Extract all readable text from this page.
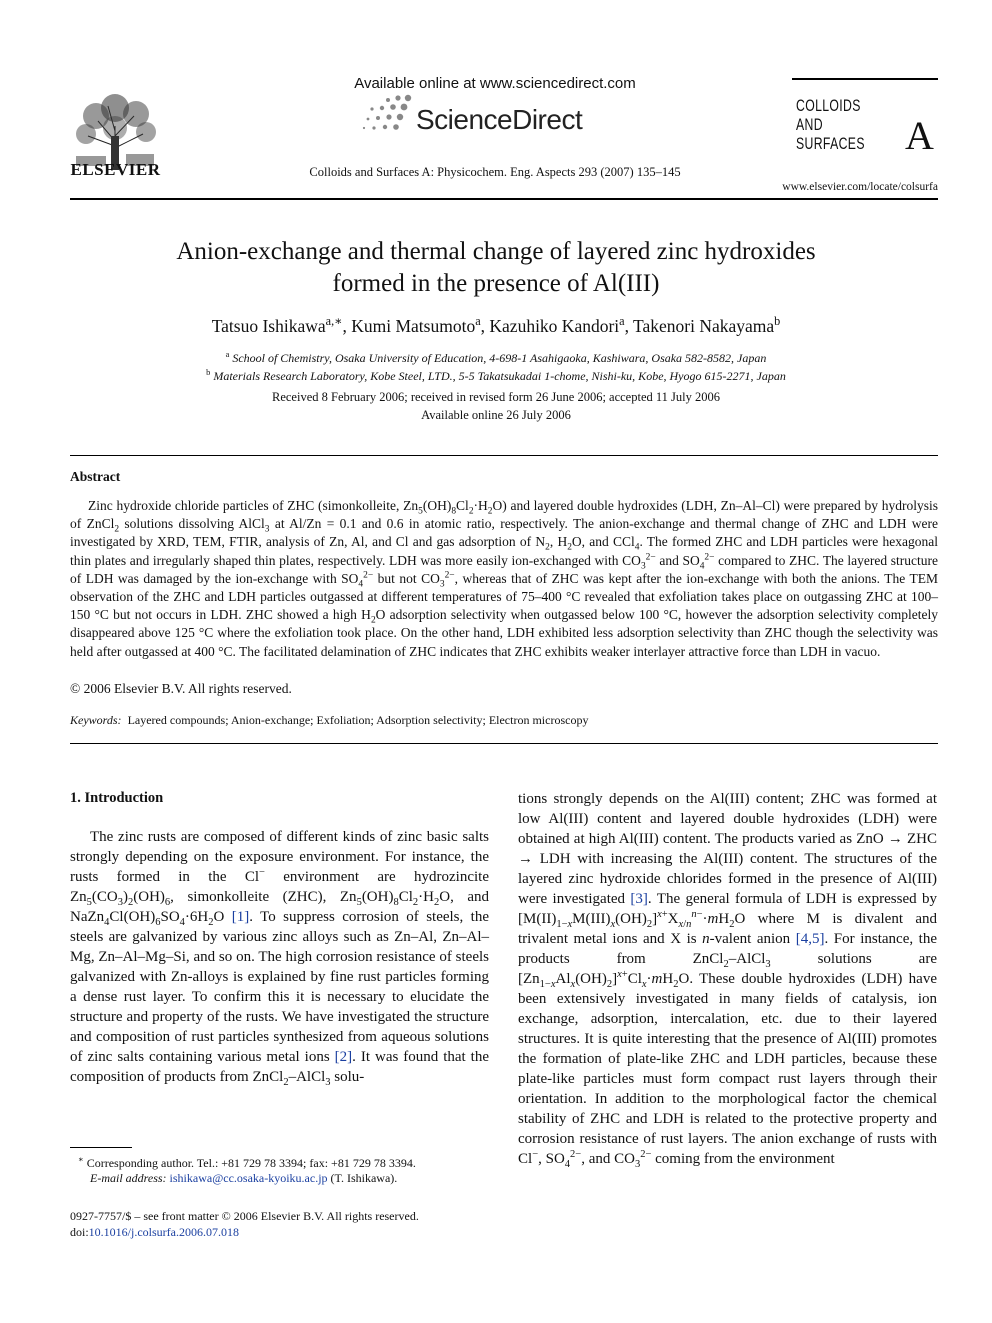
ELSEVIER
Available online at www.sciencedirect.com
ScienceDirect
Colloids and Surfaces A: Physicochem. Eng. Aspects 293 (2007) 135–145
COLLOIDS
AND
SURFACES A
www.elsevier.com/locate/colsurfa
Anion-exchange and thermal change of layered zinc hydroxides
formed in the presence of Al(III)
Tatsuo Ishikawa$^{a,∗}$, Kumi Matsumoto$^a$, Kazuhiko Kandori$^a$, Takenori Nakayama$^b$
$^a$ School of Chemistry, Osaka University of Education, 4-698-1 Asahigaoka, Kashiwara, Osaka 582-8582, Japan
$^b$ Materials Research Laboratory, Kobe Steel, LTD., 5-5 Takatsukadai 1-chome, Nishi-ku, Kobe, Hyogo 615-2271, Japan
Received 8 February 2006; received in revised form 26 June 2006; accepted 11 July 2006
Available online 26 July 2006
Abstract

Zinc hydroxide chloride particles of ZHC (simonkolleite, $Zn_5(OH)_8Cl_2\cdot H_2O$) and layered double hydroxides (LDH, Zn–Al–Cl) were prepared by hydrolysis of ZnCl$_2$ solutions dissolving AlCl$_3$ at Al/Zn = 0.1 and 0.6 in atomic ratio, respectively. The anion-exchange and thermal change of ZHC and LDH were investigated by XRD, TEM, FTIR, analysis of Zn, Al, and Cl and gas adsorption of $N_2$, $H_2O$, and CCl$_4$. The formed ZHC and LDH particles were hexagonal thin plates and irregularly shaped thin plates, respectively. LDH was more easily ion-exchanged with $CO_3^{2-}$ and $SO_4^{2-}$ compared to ZHC. The layered structure of LDH was damaged by the ion-exchange with $SO_4^{2-}$ but not $CO_3^{2-}$, whereas that of ZHC was kept after the ion-exchange with both the anions. The TEM observation of the ZHC and LDH particles outgassed at different temperatures of 75–400 °C revealed that exfoliation takes place on outgassing ZHC at 100–150 °C but not occurs in LDH. ZHC showed a high $H_2O$ adsorption selectivity when outgassed below 100 °C, however the adsorption selectivity completely disappeared above 125 °C where the exfoliation took place. On the other hand, LDH exhibited less adsorption selectivity than ZHC though the selectivity was held after outgassed at 400 °C. The facilitated delamination of ZHC indicates that ZHC exhibits weaker interlayer attractive force than LDH in vacuo.

© 2006 Elsevier B.V. All rights reserved.
Keywords: Layered compounds; Anion-exchange; Exfoliation; Adsorption selectivity; Electron microscopy
1. Introduction

The zinc rusts are composed of different kinds of zinc basic salts strongly depending on the exposure environment. For instance, the rusts formed in the Cl− environment are hydrozincite $Zn_5(CO_3)_2(OH)_6$, simonkolleite (ZHC), $Zn_5(OH)_8Cl_2\cdot H_2O$, and $NaZn_4Cl(OH)_6SO_4\cdot 6H_2O$ [1]. To suppress corrosion of steels, the steels are galvanized by various zinc alloys such as Zn–Al, Zn–Al–Mg, Zn–Al–Mg–Si, and so on. The high corrosion resistance of steels galvanized with Zn-alloys is explained by fine rust particles forming a dense rust layer. To confirm this it is necessary to elucidate the structure and property of the rusts. We have investigated the structure and composition of rust particles synthesized from aqueous solutions of zinc salts containing various metal ions [2]. It was found that the composition of products from ZnCl$_2$–AlCl$_3$ solu-

tions strongly depends on the Al(III) content; ZHC was formed at low Al(III) content and layered double hydroxides (LDH) were obtained at high Al(III) content. The products varied as ZnO → ZHC → LDH with increasing the Al(III) content. The structures of the layered zinc hydroxide chlorides formed in the presence of Al(III) were investigated [3]. The general formula of LDH is expressed by $[M(II)_{1-x}M(III)_x(OH)_2]^{x+}X_{x/n}^{n-}\cdot mH_2O$ where M is divalent and trivalent metal ions and X is n-valent anion [4,5]. For instance, the products from ZnCl$_2$–AlCl$_3$ solutions are $[Zn_{1-x}Al_x(OH)_2]^{x+}Cl_x\cdot mH_2O$. These double hydroxides (LDH) have been extensively investigated in many fields of catalysis, ion exchange, adsorption, intercalation, etc. due to their layered structures. It is quite interesting that the presence of Al(III) promotes the formation of plate-like ZHC and LDH particles, because these plate-like particles must form compact rust layers through their orientation. In addition to the morphological factor the chemical stability of ZHC and LDH is related to the protective property and corrosion resistance of rust layers. The anion exchange of rusts with Cl−, $SO_4^{2-}$, and $CO_3^{2-}$ coming from the environment

∗ Corresponding author. Tel.: +81 729 78 3394; fax: +81 729 78 3394.
E-mail address: ishikawa@cc.osaka-kyoiku.ac.jp (T. Ishikawa).
0927-7757/$ – see front matter © 2006 Elsevier B.V. All rights reserved.
doi:10.1016/j.colsurfa.2006.07.018
